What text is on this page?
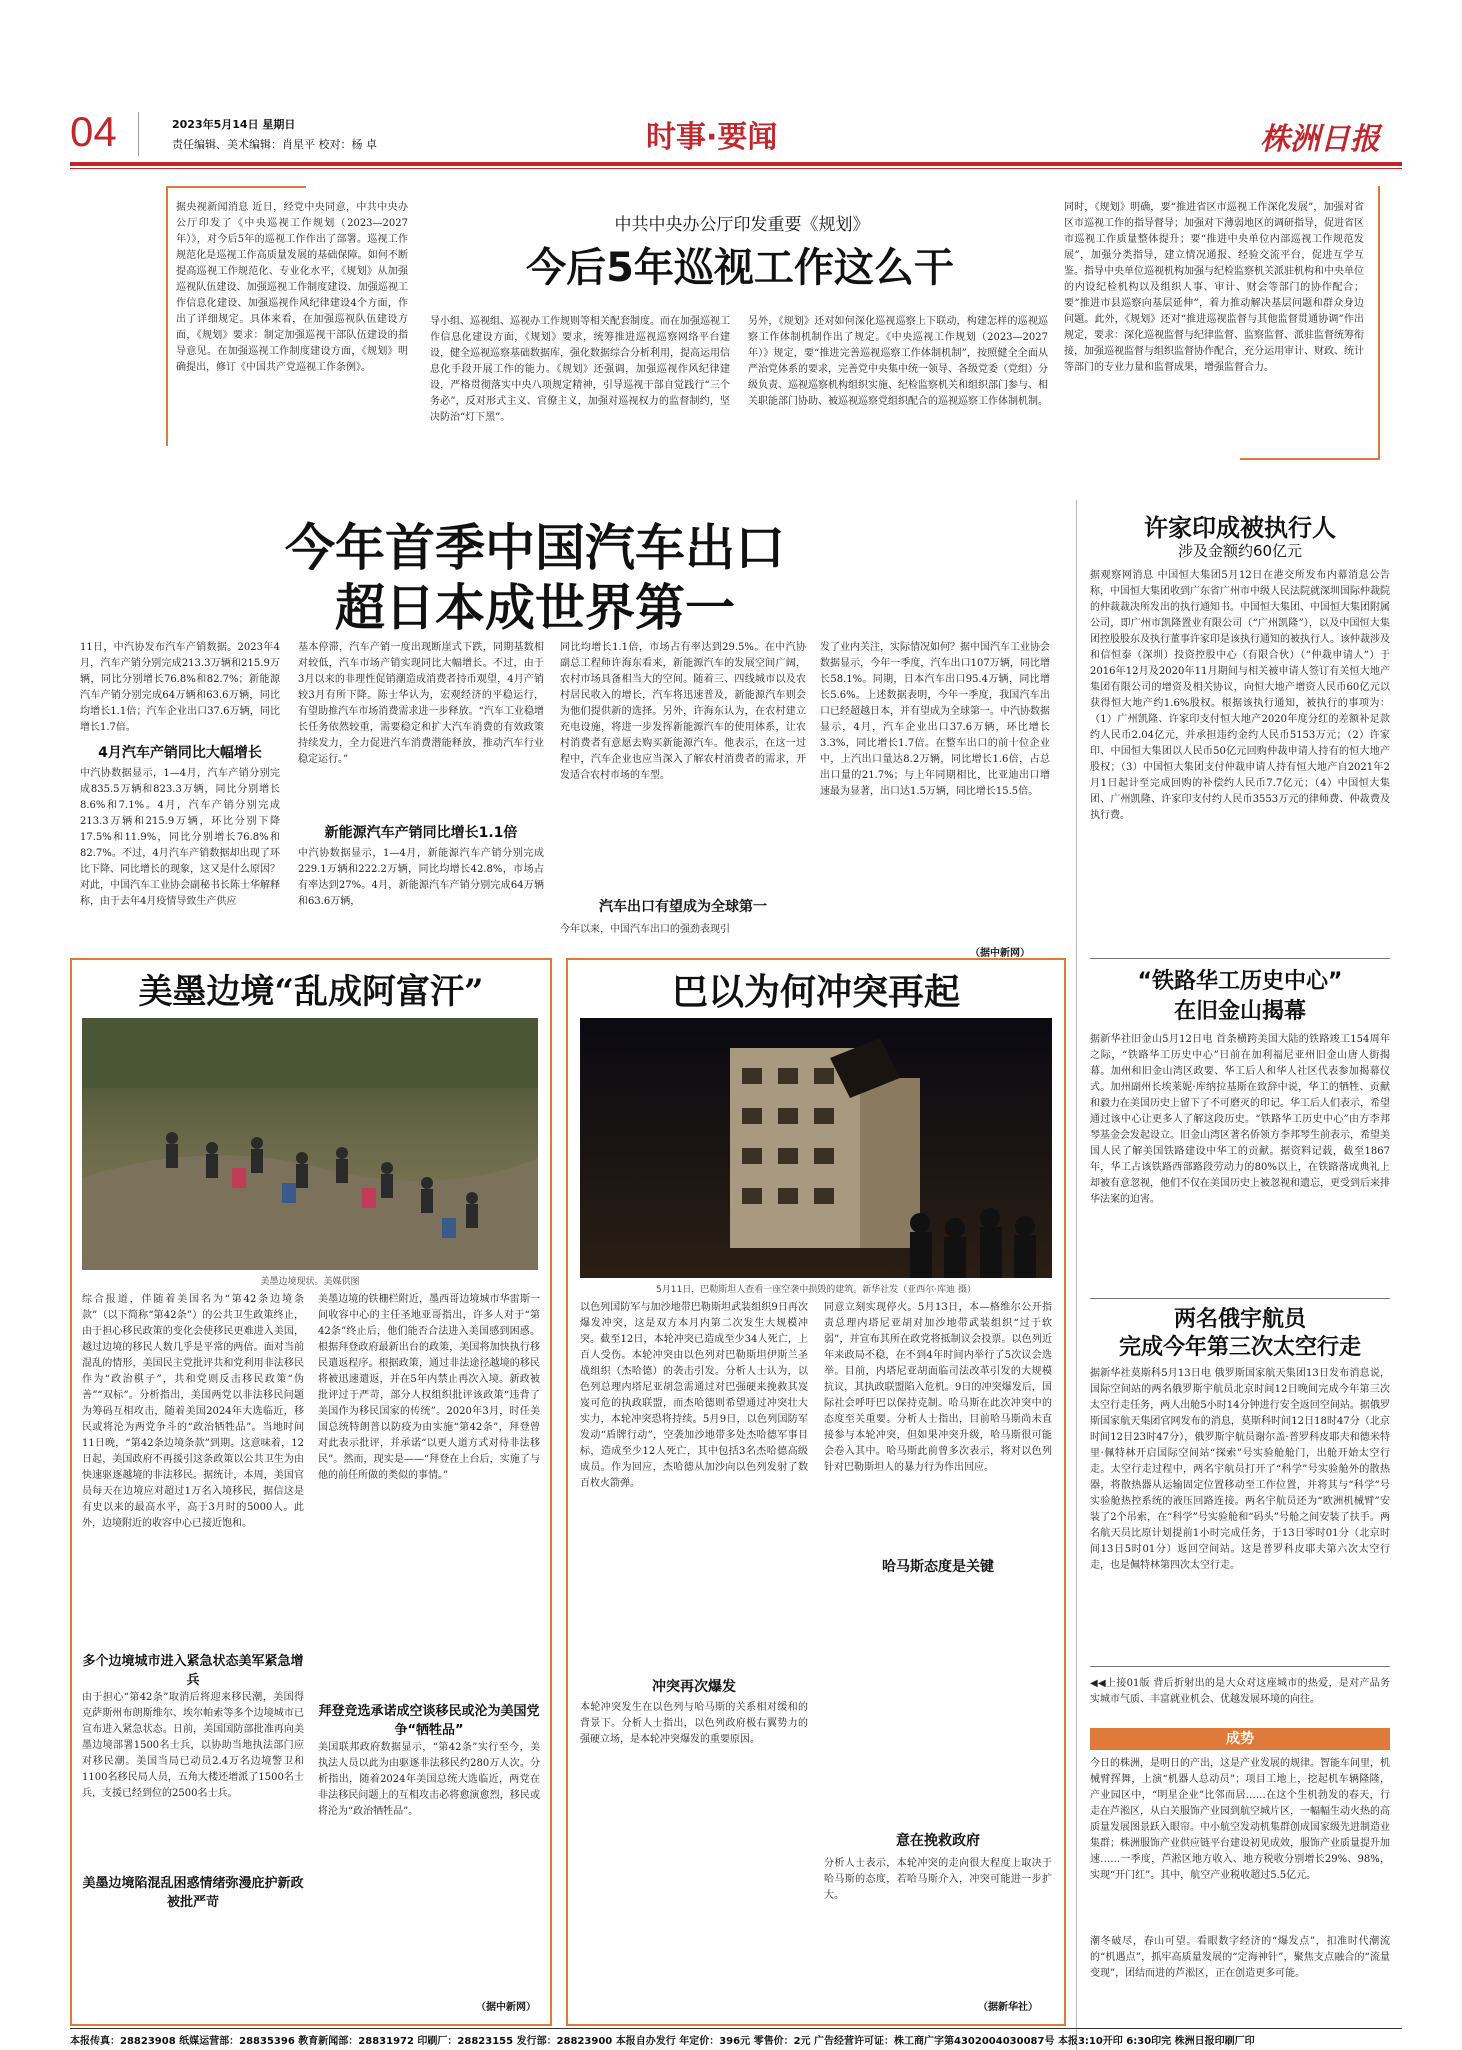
04	2023年5月14日 星期日
责任编辑、美术编辑：肖星平 校对：杨 卓	时事·要闻	株洲日报
据央视新闻消息 近日，经党中央同意，中共中央办公厅印发了《中央巡视工作规划（2023—2027年）》，对今后5年的巡视工作作出了部署。巡视工作规范化是巡视工作高质量发展的基础保障。如何不断提高巡视工作规范化、专业化水平，《规划》从加强巡视队伍建设、加强巡视工作制度建设、加强巡视工作信息化建设、加强巡视作风纪律建设4个方面，作出了详细规定。具体来看，在加强巡视队伍建设方面，《规划》要求：制定加强巡视干部队伍建设的指导意见。在加强巡视工作制度建设方面，《规划》明确提出，修订《中国共产党巡视工作条例》。
中共中央办公厅印发重要《规划》
今后5年巡视工作这么干
导小组、巡视组、巡视办工作规则等相关配套制度。而在加强巡视工作信息化建设方面，《规划》要求，统筹推进巡视巡察网络平台建设，健全巡视巡察基础数据库，强化数据综合分析利用，提高运用信息化手段开展工作的能力。《规划》还强调，加强巡视作风纪律建设，严格贯彻落实中央八项规定精神，引导巡视干部自觉践行“三个务必”，反对形式主义、官僚主义，加强对巡视权力的监督制约，坚决防治“灯下黑”。
另外，《规划》还对如何深化巡视巡察上下联动，构建怎样的巡视巡察工作体制机制作出了规定。《中央巡视工作规划（2023—2027年）》规定，要“推进完善巡视巡察工作体制机制”，按照健全全面从严治党体系的要求，完善党中央集中统一领导、各级党委（党组）分级负责、巡视巡察机构组织实施、纪检监察机关和组织部门参与、相关职能部门协助、被巡视巡察党组织配合的巡视巡察工作体制机制。
同时，《规划》明确，要“推进省区市巡视工作深化发展”，加强对省区市巡视工作的指导督导；加强对下薄弱地区的调研指导，促进省区市巡视工作质量整体提升；要“推进中央单位内部巡视工作规范发展”，加强分类指导，建立情况通报、经验交流平台，促进互学互鉴。指导中央单位巡视机构加强与纪检监察机关派驻机构和中央单位的内设纪检机构以及组织人事、审计、财会等部门的协作配合；要“推进市县巡察向基层延伸”，着力推动解决基层问题和群众身边问题。此外，《规划》还对“推进巡视监督与其他监督贯通协调”作出规定，要求：深化巡视监督与纪律监督、监察监督、派驻监督统筹衔接，加强巡视监督与组织监督协作配合，充分运用审计、财政、统计等部门的专业力量和监督成果，增强监督合力。
今年首季中国汽车出口
超日本成世界第一
11日，中汽协发布汽车产销数据。2023年4月，汽车产销分别完成213.3万辆和215.9万辆，同比分别增长76.8%和82.7%；新能源汽车产销分别完成64万辆和63.6万辆，同比均增长1.1倍；汽车企业出口37.6万辆，同比增长1.7倍。
4月汽车产销同比大幅增长
中汽协数据显示，1—4月，汽车产销分别完成835.5万辆和823.3万辆，同比分别增长8.6%和7.1%。4月，汽车产销分别完成213.3万辆和215.9万辆，环比分别下降17.5%和11.9%，同比分别增长76.8%和82.7%。不过，4月汽车产销数据却出现了环比下降、同比增长的现象，这又是什么原因？对此，中国汽车工业协会副秘书长陈士华解释称，由于去年4月疫情导致生产供应
基本停滞，汽车产销一度出现断崖式下跌，同期基数相对较低，汽车市场产销实现同比大幅增长。不过，由于3月以来的非理性促销潮造成消费者持币观望，4月产销较3月有所下降。陈士华认为，宏观经济的平稳运行，有望助推汽车市场消费需求进一步释放。“汽车工业稳增长任务依然较重，需要稳定和扩大汽车消费的有效政策持续发力，全力促进汽车消费潜能释放，推动汽车行业稳定运行。”
新能源汽车产销同比增长1.1倍
中汽协数据显示，1—4月，新能源汽车产销分别完成229.1万辆和222.2万辆，同比均增长42.8%，市场占有率达到27%。4月，新能源汽车产销分别完成64万辆和63.6万辆，
同比均增长1.1倍，市场占有率达到29.5%。在中汽协副总工程师许海东看来，新能源汽车的发展空间广阔，农村市场具备相当大的空间。随着三、四线城市以及农村居民收入的增长，汽车将迅速普及，新能源汽车则会为他们提供新的选择。另外，许海东认为，在农村建立充电设施，将进一步发挥新能源汽车的使用体系，让农村消费者有意愿去购买新能源汽车。他表示，在这一过程中，汽车企业也应当深入了解农村消费者的需求，开发适合农村市场的车型。
汽车出口有望成为全球第一
今年以来，中国汽车出口的强劲表现引
发了业内关注，实际情况如何？据中国汽车工业协会数据显示，今年一季度，汽车出口107万辆，同比增长58.1%。同期，日本汽车出口95.4万辆，同比增长5.6%。上述数据表明，今年一季度，我国汽车出口已经超越日本，并有望成为全球第一。中汽协数据显示，4月，汽车企业出口37.6万辆，环比增长3.3%，同比增长1.7倍。在整车出口的前十位企业中，上汽出口量达8.2万辆，同比增长1.6倍，占总出口量的21.7%；与上年同期相比，比亚迪出口增速最为显著，出口达1.5万辆，同比增长15.5倍。
（据中新网）
许家印成被执行人
涉及金额约60亿元
据观察网消息 中国恒大集团5月12日在港交所发布内幕消息公告称，中国恒大集团收到广东省广州市中级人民法院就深圳国际仲裁院的仲裁裁决所发出的执行通知书。中国恒大集团、中国恒大集团附属公司，即广州市凯隆置业有限公司（“广州凯隆”），以及中国恒大集团控股股东及执行董事许家印是该执行通知的被执行人。该仲裁涉及和信恒泰（深圳）投资控股中心（有限合伙）（“仲裁申请人”）于2016年12月及2020年11月期间与相关被申请人签订有关恒大地产集团有限公司的增资及相关协议，向恒大地产增资人民币60亿元以获得恒大地产约1.6%股权。根据该执行通知，被执行的事项为：（1）广州凯隆、许家印支付恒大地产2020年度分红的差额补足款约人民币2.04亿元，并承担违约金约人民币5153万元；（2）许家印、中国恒大集团以人民币50亿元回购仲裁申请人持有的恒大地产股权；（3）中国恒大集团支付仲裁申请人持有恒大地产自2021年2月1日起计至完成回购的补偿约人民币7.7亿元；（4）中国恒大集团、广州凯隆、许家印支付约人民币3553万元的律师费、仲裁费及执行费。
“铁路华工历史中心”
在旧金山揭幕
据新华社旧金山5月12日电 首条横跨美国大陆的铁路竣工154周年之际，“铁路华工历史中心”日前在加利福尼亚州旧金山唐人街揭幕。加州和旧金山湾区政要、华工后人和华人社区代表参加揭幕仪式。加州副州长埃莱妮·库纳拉基斯在致辞中说，华工的牺牲、贡献和毅力在美国历史上留下了不可磨灭的印记。华工后人们表示，希望通过该中心让更多人了解这段历史。“铁路华工历史中心”由方李邦琴基金会发起设立。旧金山湾区著名侨领方李邦琴生前表示，希望美国人民了解美国铁路建设中华工的贡献。据资料记载，截至1867年，华工占该铁路西部路段劳动力的80%以上，在铁路落成典礼上却被有意忽视，他们不仅在美国历史上被忽视和遗忘，更受到后来排华法案的迫害。
两名俄宇航员
完成今年第三次太空行走
据新华社莫斯科5月13日电 俄罗斯国家航天集团13日发布消息说，国际空间站的两名俄罗斯宇航员北京时间12日晚间完成今年第三次太空行走任务，两人出舱5小时14分钟进行安全返回空间站。据俄罗斯国家航天集团官网发布的消息，莫斯科时间12日18时47分（北京时间12日23时47分），俄罗斯宇航员谢尔盖·普罗科皮耶夫和德米特里·佩特林开启国际空间站“探索”号实验舱舱门，出舱开始太空行走。太空行走过程中，两名宇航员打开了“科学”号实验舱外的散热器，将散热器从运输固定位置移动至工作位置，并将其与“科学”号实验舱热控系统的液压回路连接。两名宇航员还为“欧洲机械臂”安装了2个吊索，在“科学”号实验舱和“码头”号舱之间安装了扶手。两名航天员比原计划提前1小时完成任务，于13日零时01分（北京时间13日5时01分）返回空间站。这是普罗科皮耶夫第六次太空行走，也是佩特林第四次太空行走。
◀◀上接01版 背后折射出的是大众对这座城市的热爱，是对产品务实城市气质、丰富就业机会、优越发展环境的向往。
成势
今日的株洲，是明日的产出，这是产业发展的规律。智能车间里，机械臂挥舞，上演“机器人总动员”；项目工地上，挖起机车辆隆隆，产业园区中，“明星企业”比邻而居……在这个生机勃发的春天，行走在芦淞区，从白关服饰产业园到航空城片区，一幅幅生动火热的高质量发展图景跃入眼帘。中小航空发动机集群创成国家级先进制造业集群；株洲服饰产业供应链平台建设初见成效，服饰产业质量提升加速……一季度，芦淞区地方收入、地方税收分别增长29%、98%，实现“开门红”。其中，航空产业税收超过5.5亿元。
潮冬破尽，春山可望。看眼数字经济的“爆发点”，扣准时代潮流的“机遇点”，抓牢高质量发展的“定海神针”，聚焦支点融合的“流量变现”，团结而进的芦淞区，正在创造更多可能。
美墨边境“乱成阿富汗”
美墨边境现状。美媒供图
综合报道，伴随着美国名为“第42条边境条款”（以下简称“第42条”）的公共卫生政策终止，由于担心移民政策的变化会使移民更难进入美国，越过边境的移民人数几乎是平常的两倍。面对当前混乱的情形，美国民主党批评共和党利用非法移民作为“政治棋子”，共和党则反击移民政策“伪善”“双标”。分析指出，美国两党以非法移民问题为筹码互相攻击，随着美国2024年大选临近，移民或将沦为两党争斗的“政治牺牲品”。当地时间11日晚，“第42条边境条款”到期。这意味着，12日起，美国政府不再援引这条政策以公共卫生为由快速驱逐越境的非法移民。据统计，本周，美国官员每天在边境应对超过1万名入境移民，据信这是有史以来的最高水平，高于3月时的5000人。此外，边境附近的收容中心已接近饱和。
多个边境城市进入紧急状态美军紧急增兵
由于担心“第42条”取消后将迎来移民潮，美国得克萨斯州布朗斯维尔、埃尔帕索等多个边境城市已宣布进入紧急状态。日前，美国国防部批准再向美墨边境部署1500名士兵，以协助当地执法部门应对移民潮。美国当局已动员2.4万名边境警卫和1100名移民局人员，五角大楼还增派了1500名士兵，支援已经到位的2500名士兵。
美墨边境陷混乱困惑情绪弥漫庇护新政被批严苛
美墨边境的铁栅栏附近，墨西哥边境城市华雷斯一间收容中心的主任圣地亚哥指出，许多人对于“第42条”终止后，他们能否合法进入美国感到困惑。根据拜登政府最新出台的政策，美国将加快执行移民遣返程序。根据政策，通过非法途径越境的移民将被迅速遣返，并在5年内禁止再次入境。新政被批评过于严苛，部分人权组织批评该政策“违背了美国作为移民国家的传统”。2020年3月，时任美国总统特朗普以防疫为由实施“第42条”，拜登曾对此表示批评，并承诺“以更人道方式对待非法移民”。然而，现实是——“拜登在上台后，实施了与他的前任所做的类似的事情。”
拜登竞选承诺成空谈移民或沦为美国党争“牺牲品”
美国联邦政府数据显示，“第42条”实行至今，美执法人员以此为由驱逐非法移民约280万人次。分析指出，随着2024年美国总统大选临近，两党在非法移民问题上的互相攻击必将愈演愈烈，移民或将沦为“政治牺牲品”。
（据中新网）
巴以为何冲突再起
5月11日，巴勒斯坦人查看一座空袭中损毁的建筑。新华社发（亚西尔·库迪 摄）
以色列国防军与加沙地带巴勒斯坦武装组织9日再次爆发冲突，这是双方本月内第二次发生大规模冲突。截至12日，本轮冲突已造成至少34人死亡，上百人受伤。本轮冲突由以色列对巴勒斯坦伊斯兰圣战组织（杰哈德）的袭击引发。分析人士认为，以色列总理内塔尼亚胡急需通过对巴强硬来挽救其岌岌可危的执政联盟，而杰哈德则希望通过冲突壮大实力，本轮冲突恐将持续。5月9日，以色列国防军发动“盾牌行动”，空袭加沙地带多处杰哈德军事目标，造成至少12人死亡，其中包括3名杰哈德高级成员。作为回应，杰哈德从加沙向以色列发射了数百枚火箭弹。
冲突再次爆发
本轮冲突发生在以色列与哈马斯的关系相对缓和的背景下。分析人士指出，以色列政府极右翼势力的强硬立场，是本轮冲突爆发的重要原因。
同意立刻实现停火。5月13日，本—格维尔公开指责总理内塔尼亚胡对加沙地带武装组织“过于软弱”，并宣布其所在政党将抵制议会投票。以色列近年来政局不稳，在不到4年时间内举行了5次议会选举。目前，内塔尼亚胡面临司法改革引发的大规模抗议，其执政联盟陷入危机。9日的冲突爆发后，国际社会呼吁巴以保持克制。哈马斯在此次冲突中的态度至关重要。分析人士指出，目前哈马斯尚未直接参与本轮冲突，但如果冲突升级，哈马斯很可能会卷入其中。哈马斯此前曾多次表示，将对以色列针对巴勒斯坦人的暴力行为作出回应。
哈马斯态度是关键
意在挽救政府
分析人士表示，本轮冲突的走向很大程度上取决于哈马斯的态度，若哈马斯介入，冲突可能进一步扩大。
（据新华社）
本报传真：28823908 纸媒运营部：28835396 教育新闻部：28831972 印刷厂：28823155 发行部：28823900 本报自办发行 年定价：396元 零售价：2元 广告经营许可证：株工商广字第4302004030087号 本报3:10开印 6:30印完 株洲日报印刷厂印
